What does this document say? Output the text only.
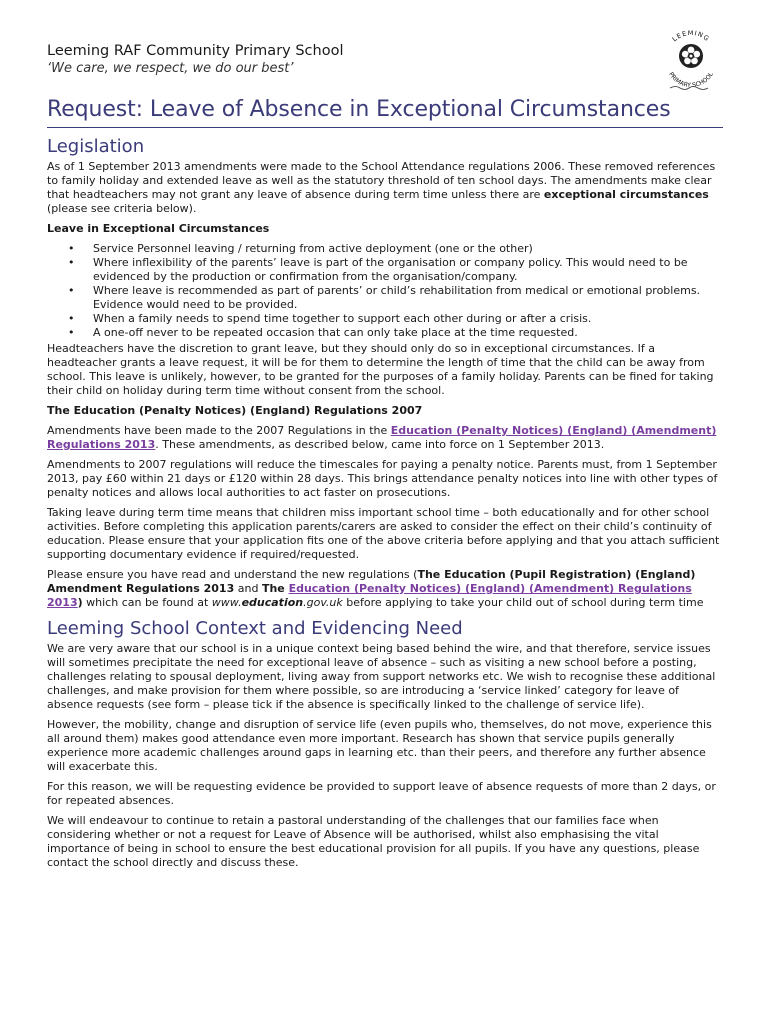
LEEMING
PRIMARY SCHOOL

Leeming RAF Community Primary School

‘We care, we respect, we do our best’

Request: Leave of Absence in Exceptional Circumstances
Legislation

As of 1 September 2013 amendments were made to the School Attendance regulations 2006. These removed references to family holiday and extended leave as well as the statutory threshold of ten school days. The amendments make clear that headteachers may not grant any leave of absence during term time unless there are exceptional circumstances (please see criteria below).

Leave in Exceptional Circumstances

• Service Personnel leaving / returning from active deployment (one or the other)
• Where inflexibility of the parents’ leave is part of the organisation or company policy. This would need to be evidenced by the production or confirmation from the organisation/company.
• Where leave is recommended as part of parents’ or child’s rehabilitation from medical or emotional problems. Evidence would need to be provided.
• When a family needs to spend time together to support each other during or after a crisis.
• A one-off never to be repeated occasion that can only take place at the time requested.

Headteachers have the discretion to grant leave, but they should only do so in exceptional circumstances. If a headteacher grants a leave request, it will be for them to determine the length of time that the child can be away from school. This leave is unlikely, however, to be granted for the purposes of a family holiday. Parents can be fined for taking their child on holiday during term time without consent from the school.

The Education (Penalty Notices) (England) Regulations 2007

Amendments have been made to the 2007 Regulations in the Education (Penalty Notices) (England) (Amendment) Regulations 2013. These amendments, as described below, came into force on 1 September 2013.

Amendments to 2007 regulations will reduce the timescales for paying a penalty notice. Parents must, from 1 September 2013, pay £60 within 21 days or £120 within 28 days. This brings attendance penalty notices into line with other types of penalty notices and allows local authorities to act faster on prosecutions.

Taking leave during term time means that children miss important school time – both educationally and for other school activities. Before completing this application parents/carers are asked to consider the effect on their child’s continuity of education. Please ensure that your application fits one of the above criteria before applying and that you attach sufficient supporting documentary evidence if required/requested.

Please ensure you have read and understand the new regulations (The Education (Pupil Registration) (England) Amendment Regulations 2013 and The Education (Penalty Notices) (England) (Amendment) Regulations 2013) which can be found at www.education.gov.uk before applying to take your child out of school during term time

Leeming School Context and Evidencing Need

We are very aware that our school is in a unique context being based behind the wire, and that therefore, service issues will sometimes precipitate the need for exceptional leave of absence – such as visiting a new school before a posting, challenges relating to spousal deployment, living away from support networks etc. We wish to recognise these additional challenges, and make provision for them where possible, so are introducing a ‘service linked’ category for leave of absence requests (see form – please tick if the absence is specifically linked to the challenge of service life).

However, the mobility, change and disruption of service life (even pupils who, themselves, do not move, experience this all around them) makes good attendance even more important. Research has shown that service pupils generally experience more academic challenges around gaps in learning etc. than their peers, and therefore any further absence will exacerbate this.

For this reason, we will be requesting evidence be provided to support leave of absence requests of more than 2 days, or for repeated absences.

We will endeavour to continue to retain a pastoral understanding of the challenges that our families face when considering whether or not a request for Leave of Absence will be authorised, whilst also emphasising the vital importance of being in school to ensure the best educational provision for all pupils. If you have any questions, please contact the school directly and discuss these.
